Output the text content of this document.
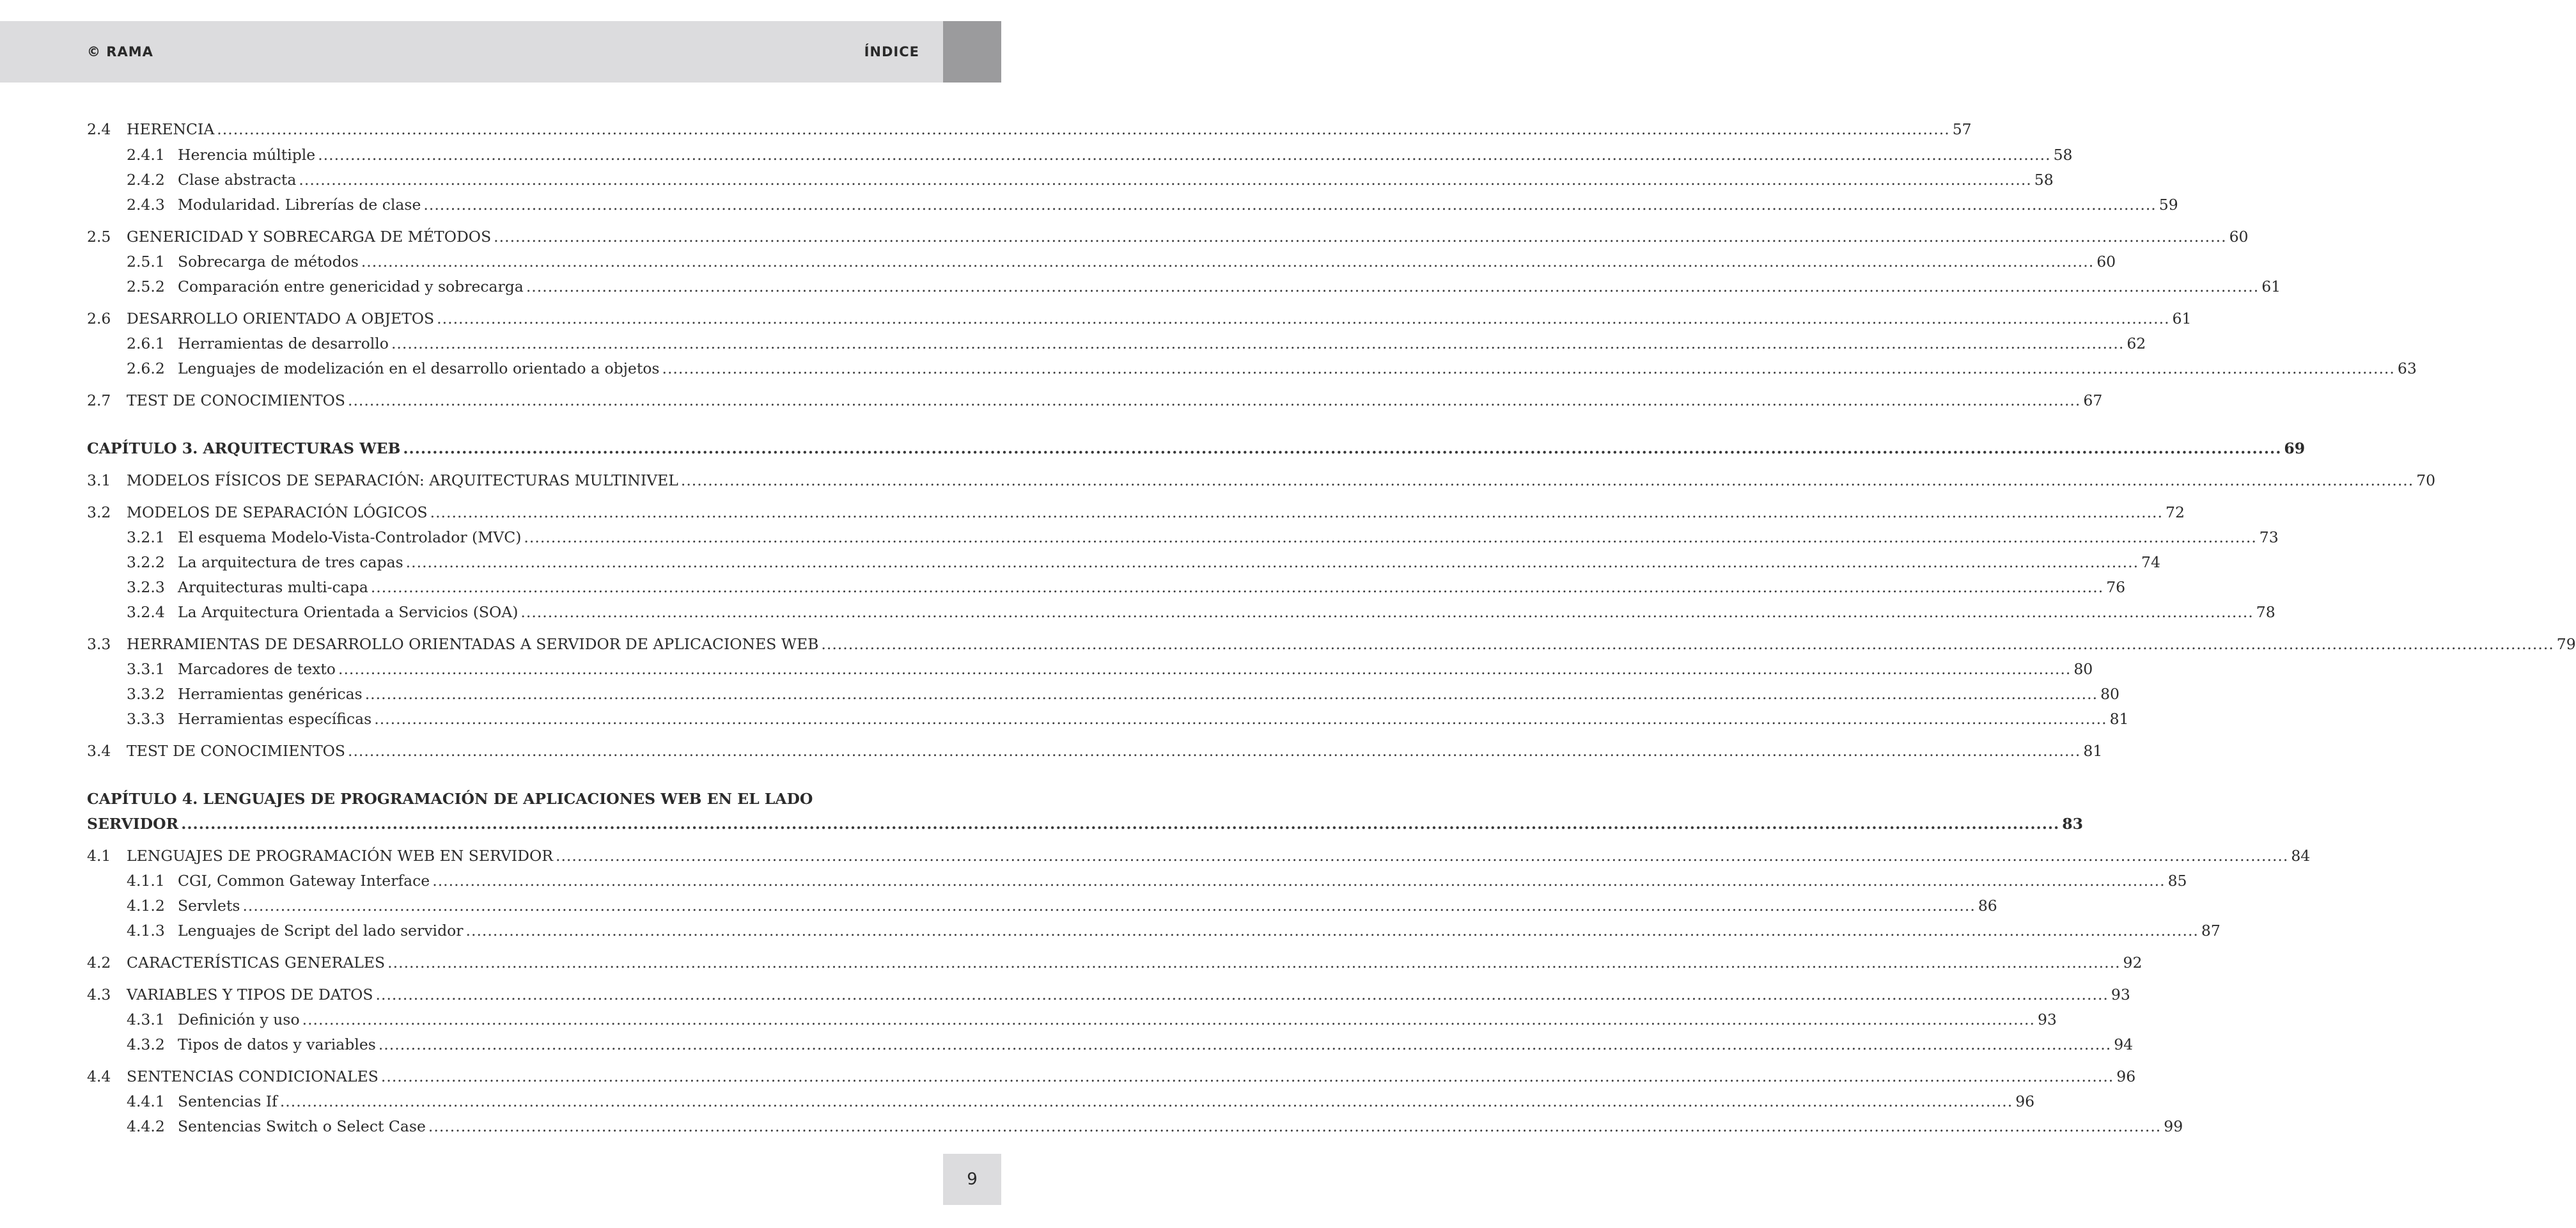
© RAMA	ÍNDICE
2.4	HERENCIA ................................................................................................................................................................................................................................................................................................................................ 57
2.4.1 Herencia múltiple ................................................................................................................................................................................................................................................................................................................................ 58
2.4.2 Clase abstracta ................................................................................................................................................................................................................................................................................................................................ 58
2.4.3 Modularidad. Librerías de clase ................................................................................................................................................................................................................................................................................................................................ 59
2.5	GENERICIDAD Y SOBRECARGA DE MÉTODOS ................................................................................................................................................................................................................................................................................................................................ 60
2.5.1 Sobrecarga de métodos ................................................................................................................................................................................................................................................................................................................................ 60
2.5.2 Comparación entre genericidad y sobrecarga ................................................................................................................................................................................................................................................................................................................................ 61
2.6	DESARROLLO ORIENTADO A OBJETOS ................................................................................................................................................................................................................................................................................................................................ 61
2.6.1 Herramientas de desarrollo ................................................................................................................................................................................................................................................................................................................................ 62
2.6.2 Lenguajes de modelización en el desarrollo orientado a objetos ................................................................................................................................................................................................................................................................................................................................ 63
2.7	TEST DE CONOCIMIENTOS ................................................................................................................................................................................................................................................................................................................................ 67
CAPÍTULO 3. ARQUITECTURAS WEB ................................................................................................................................................................................................................................................................................................................................ 69
3.1	MODELOS FÍSICOS DE SEPARACIÓN: ARQUITECTURAS MULTINIVEL ................................................................................................................................................................................................................................................................................................................................ 70
3.2	MODELOS DE SEPARACIÓN LÓGICOS ................................................................................................................................................................................................................................................................................................................................ 72
3.2.1 El esquema Modelo-Vista-Controlador (MVC) ................................................................................................................................................................................................................................................................................................................................ 73
3.2.2 La arquitectura de tres capas ................................................................................................................................................................................................................................................................................................................................ 74
3.2.3 Arquitecturas multi-capa ................................................................................................................................................................................................................................................................................................................................ 76
3.2.4 La Arquitectura Orientada a Servicios (SOA) ................................................................................................................................................................................................................................................................................................................................ 78
3.3	HERRAMIENTAS DE DESARROLLO ORIENTADAS A SERVIDOR DE APLICACIONES WEB ................................................................................................................................................................................................................................................................................................................................ 79
3.3.1 Marcadores de texto ................................................................................................................................................................................................................................................................................................................................ 80
3.3.2 Herramientas genéricas ................................................................................................................................................................................................................................................................................................................................ 80
3.3.3 Herramientas específicas ................................................................................................................................................................................................................................................................................................................................ 81
3.4	TEST DE CONOCIMIENTOS ................................................................................................................................................................................................................................................................................................................................ 81
CAPÍTULO 4. LENGUAJES DE PROGRAMACIÓN DE APLICACIONES WEB EN EL LADO
SERVIDOR ................................................................................................................................................................................................................................................................................................................................ 83
4.1	LENGUAJES DE PROGRAMACIÓN WEB EN SERVIDOR ................................................................................................................................................................................................................................................................................................................................ 84
4.1.1 CGI, Common Gateway Interface ................................................................................................................................................................................................................................................................................................................................ 85
4.1.2 Servlets ................................................................................................................................................................................................................................................................................................................................ 86
4.1.3 Lenguajes de Script del lado servidor ................................................................................................................................................................................................................................................................................................................................ 87
4.2	CARACTERÍSTICAS GENERALES ................................................................................................................................................................................................................................................................................................................................ 92
4.3	VARIABLES Y TIPOS DE DATOS ................................................................................................................................................................................................................................................................................................................................ 93
4.3.1 Definición y uso ................................................................................................................................................................................................................................................................................................................................ 93
4.3.2 Tipos de datos y variables ................................................................................................................................................................................................................................................................................................................................ 94
4.4	SENTENCIAS CONDICIONALES ................................................................................................................................................................................................................................................................................................................................ 96
4.4.1 Sentencias If ................................................................................................................................................................................................................................................................................................................................ 96
4.4.2 Sentencias Switch o Select Case ................................................................................................................................................................................................................................................................................................................................ 99
9
